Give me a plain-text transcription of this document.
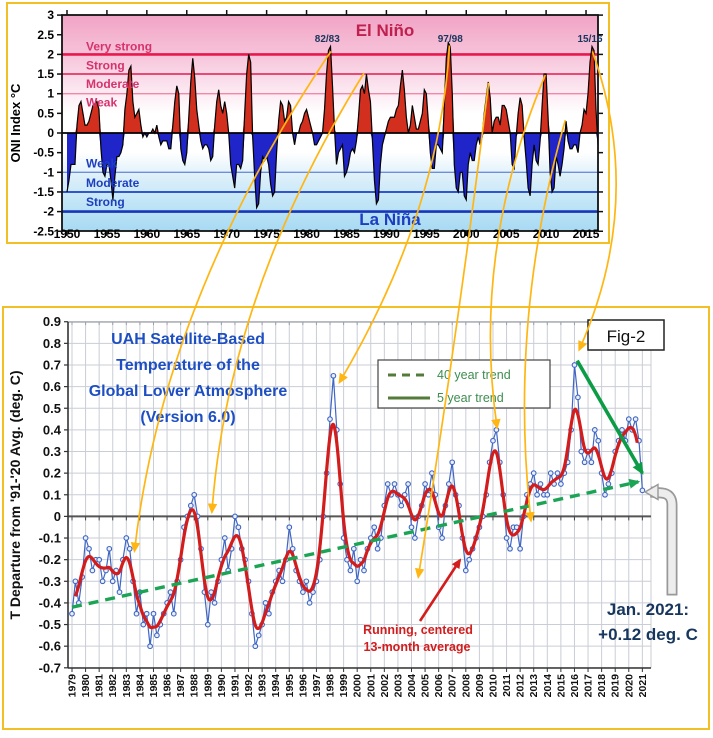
1950 1955 1960 1965 1970 1975 1980 1985 1990 1995 2000 2005 2010 2015
3
2.5
2
1.5
1
0.5
0
-0.5
-1
-1.5
-2
-2.5
Very strong
Strong
Moderate
Weak
Weak
Moderate
Strong
82/83	97/98	15/16
ONI Index °C
El Niño
La Niña
1979 1980 1981 1982 1983 1984 1985 1986 1987 1988 1989 1990 1991 1992 1993 1994 1995 1996 1997 1998 1999 2000 2001 2002 2003 2004 2005 2006 2007 2008 2009 2010 2011 2012 2013 2014 2015 2016 2017 2018 2019 2020 2021
0.9
0.8
0.7
0.6
0.5
0.4
0.3
0.2
0.1
0
-0.1
-0.2
-0.3
-0.4
-0.5
-0.6
-0.7
T Departure from '91-'20 Avg. (deg. C)
UAH Satellite-Based
Temperature of the
Global Lower Atmosphere
(Version 6.0)
40 year trend
5 year trend
Fig-2
Jan. 2021:
+0.12 deg. C
Running, centered
13-month average
